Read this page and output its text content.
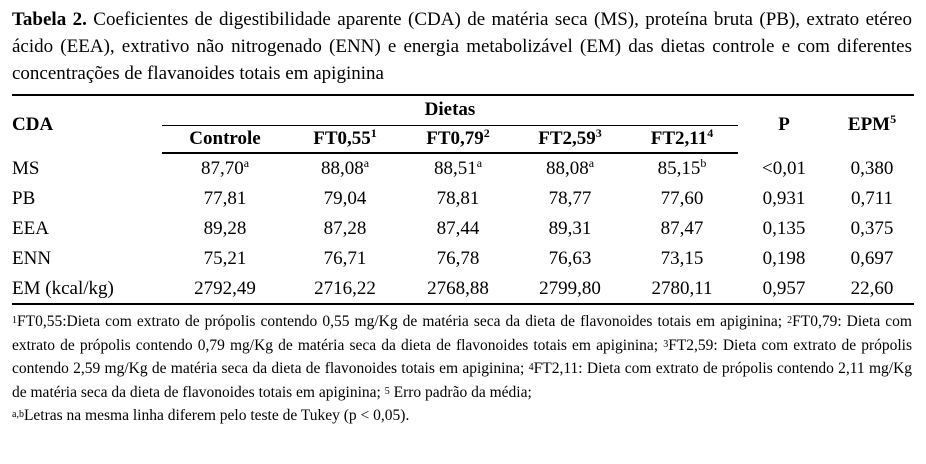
Tabela 2. Coeficientes de digestibilidade aparente (CDA) de matéria seca (MS), proteína bruta (PB), extrato etéreo ácido (EEA), extrativo não nitrogenado (ENN) e energia metabolizável (EM) das dietas controle e com diferentes concentrações de flavanoides totais em apiginina
CDA	Dietas					P	EPM$^5$
	Controle	FT0,55$^1$	FT0,79$^2$	FT2,59$^3$	FT2,11$^4$
MS	87,70$^a$	88,08$^a$	88,51$^a$	88,08$^a$	85,15$^b$	<0,01	0,380
PB	77,81	79,04	78,81	78,77	77,60	0,931	0,711
EEA	89,28	87,28	87,44	89,31	87,47	0,135	0,375
ENN	75,21	76,71	76,78	76,63	73,15	0,198	0,697
EM (kcal/kg)	2792,49	2716,22	2768,88	2799,80	2780,11	0,957	22,60
$^1$FT0,55:Dieta com extrato de própolis contendo 0,55 mg/Kg de matéria seca da dieta de flavonoides totais em apiginina; $^2$FT0,79: Dieta com extrato de própolis contendo 0,79 mg/Kg de matéria seca da dieta de flavonoides totais em apiginina; $^3$FT2,59: Dieta com extrato de própolis contendo 2,59 mg/Kg de matéria seca da dieta de flavonoides totais em apiginina; $^4$FT2,11: Dieta com extrato de própolis contendo 2,11 mg/Kg de matéria seca da dieta de flavonoides totais em apiginina; $^5$ Erro padrão da média;
$^{a,b}$Letras na mesma linha diferem pelo teste de Tukey (p < 0,05).
